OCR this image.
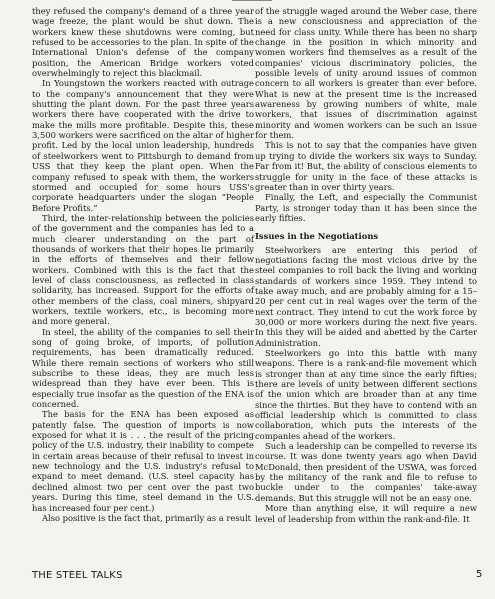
they refused the company's demand of a three year wage freeze, the plant would be shut down. The workers knew these shutdowns were coming, but refused to be accessories to the plan. In spite of the International Union's defense of the company position, the American Bridge workers voted overwhelmingly to reject this blackmail.

In Youngstown the workers reacted with outrage to the company's announcement that they were shutting the plant down. For the past three years workers there have cooperated with the drive to make the mills more profitable. Despite this, these 3,500 workers were sacrificed on the altar of higher profit. Led by the local union leadership, hundreds of steelworkers went to Pittsburgh to demand from USS that they keep the plant open. When the company refused to speak with them, the workers stormed and occupied for some hours USS's corporate headquarters under the slogan “People Before Profits.”

Third, the inter-relationship between the policies of the government and the companies has led to a much clearer understanding on the part of thousands of workers that their hopes lie primarily in the efforts of themselves and their fellow workers. Combined with this is the fact that the level of class consciousness, as reflected in class solidarity, has increased. Support for the efforts of other members of the class, coal miners, shipyard workers, textile workers, etc., is becoming more and more general.

In steel, the ability of the companies to sell their song of going broke, of imports, of pollution requirements, has been dramatically reduced. While there remain sections of workers who still subscribe to these ideas, they are much less widespread than they have ever been. This is especially true insofar as the question of the ENA is concerned.

The basis for the ENA has been exposed as patently false. The question of imports is now exposed for what it is . . . the result of the pricing policy of the U.S. industry, their inability to compete in certain areas because of their refusal to invest in new technology and the U.S. industry's refusal to expand to meet demand. (U.S. steel capacity has declined almost two per cent over the past two years. During this time, steel demand in the U.S. has increased four per cent.)

Also positive is the fact that, primarily as a result

of the struggle waged around the Weber case, there is a new consciousness and appreciation of the need for class unity. While there has been no sharp change in the position in which minority and women workers find themselves as a result of the companies' vicious discriminatory policies, the possible levels of unity around issues of common concern to all workers is greater than ever before. What is new at the present time is the increased awareness by growing numbers of white, male workers, that issues of discrimination against minority and women workers can be such an issue for them.

This is not to say that the companies have given up trying to divide the workers six ways to Sunday. Far from it! But, the ability of conscious elements to struggle for unity in the face of these attacks is greater than in over thirty years.

Finally, the Left, and especially the Communist Party, is stronger today than it has been since the early fifties.

Issues in the Negotiations

Steelworkers are entering this period of negotiations facing the most vicious drive by the steel companies to roll back the living and working standards of workers since 1959. They intend to take away much, and are probably aiming for a 15–20 per cent cut in real wages over the term of the next contract. They intend to cut the work force by 30,000 or more workers during the next five years. In this they will be aided and abetted by the Carter Administration.

Steelworkers go into this battle with many weapons. There is a rank-and-file movement which is stronger than at any time since the early fifties; there are levels of unity between different sections of the union which are broader than at any time since the thirties. But they have to contend with an official leadership which is committed to class collaboration, which puts the interests of the companies ahead of the workers.

Such a leadership can be compelled to reverse its course. It was done twenty years ago when David McDonald, then president of the USWA, was forced by the militancy of the rank and file to refuse to buckle under to the companies' take-away demands. But this struggle will not be an easy one.

More than anything else, it will require a new level of leadership from within the rank-and-file. It

THE STEEL TALKS	5
